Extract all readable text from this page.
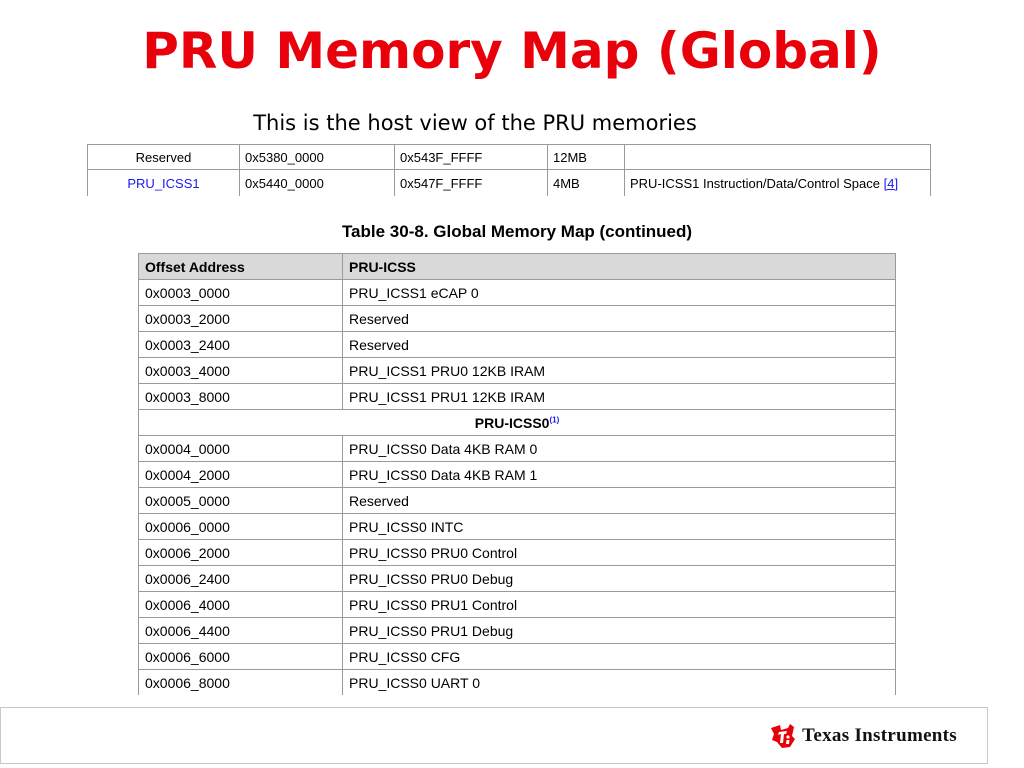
PRU Memory Map (Global)
This is the host view of the PRU memories
Reserved	0x5380_0000	0x543F_FFFF	12MB	
PRU_ICSS1	0x5440_0000	0x547F_FFFF	4MB	PRU-ICSS1 Instruction/Data/Control Space [4]
Table 30-8. Global Memory Map (continued)
Offset Address	PRU-ICSS
0x0003_0000	PRU_ICSS1 eCAP 0
0x0003_2000	Reserved
0x0003_2400	Reserved
0x0003_4000	PRU_ICSS1 PRU0 12KB IRAM
0x0003_8000	PRU_ICSS1 PRU1 12KB IRAM
PRU-ICSS0$^{(1)}$
0x0004_0000	PRU_ICSS0 Data 4KB RAM 0
0x0004_2000	PRU_ICSS0 Data 4KB RAM 1
0x0005_0000	Reserved
0x0006_0000	PRU_ICSS0 INTC
0x0006_2000	PRU_ICSS0 PRU0 Control
0x0006_2400	PRU_ICSS0 PRU0 Debug
0x0006_4000	PRU_ICSS0 PRU1 Control
0x0006_4400	PRU_ICSS0 PRU1 Debug
0x0006_6000	PRU_ICSS0 CFG
0x0006_8000	PRU_ICSS0 UART 0
Texas Instruments
